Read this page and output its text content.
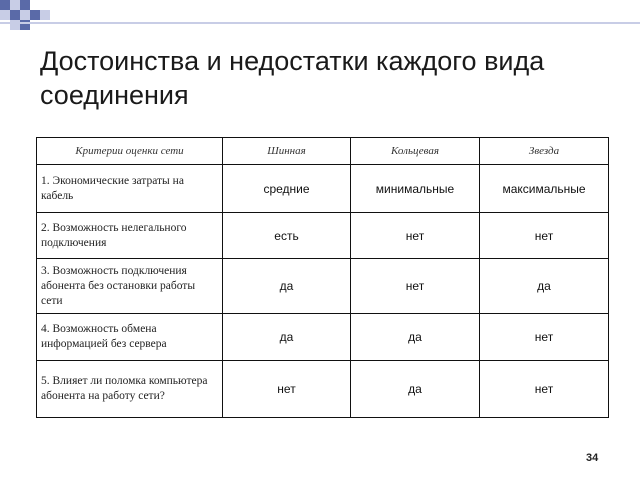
Достоинства и недостатки каждого вида соединения
Критерии оценки сети	Шинная	Кольцевая	Звезда
1. Экономические затраты на кабель	средние	минимальные	максимальные
2. Возможность нелегального подключения	есть	нет	нет
3. Возможность подключения абонента без остановки работы сети	да	нет	да
4. Возможность обмена информацией без сервера	да	да	нет
5. Влияет ли поломка компьютера абонента на работу сети?	нет	да	нет
34
